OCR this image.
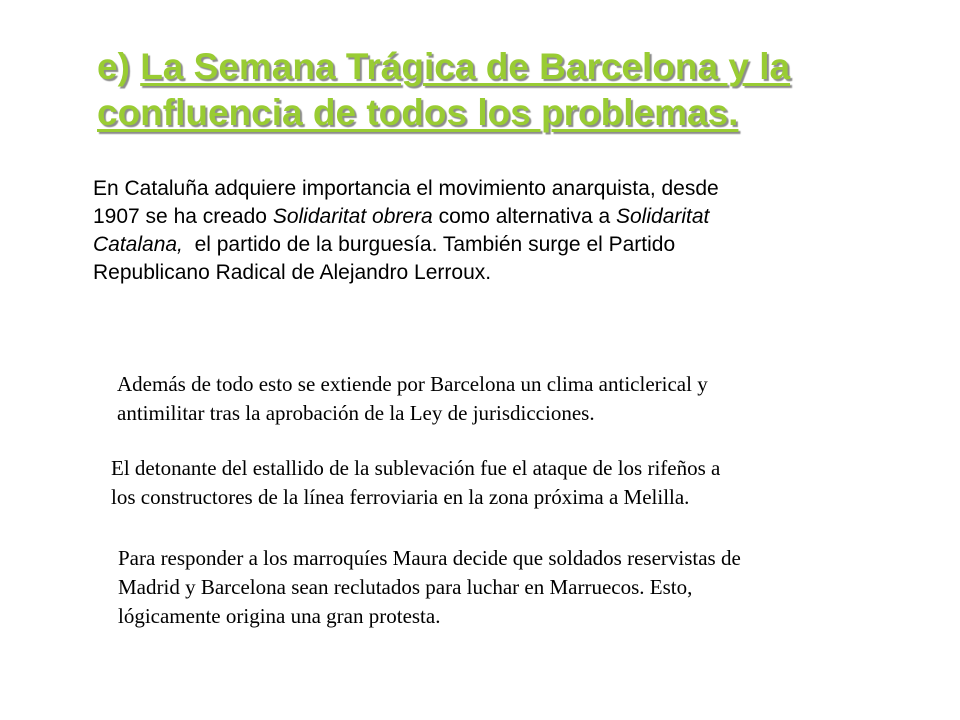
e) La Semana Trágica de Barcelona y la
confluencia de todos los problemas.

En Cataluña adquiere importancia el movimiento anarquista, desde
1907 se ha creado Solidaritat obrera como alternativa a Solidaritat
Catalana,  el partido de la burguesía. También surge el Partido
Republicano Radical de Alejandro Lerroux.

Además de todo esto se extiende por Barcelona un clima anticlerical y
antimilitar tras la aprobación de la Ley de jurisdicciones.

El detonante del estallido de la sublevación fue el ataque de los rifeños a
los constructores de la línea ferroviaria en la zona próxima a Melilla.

Para responder a los marroquíes Maura decide que soldados reservistas de
Madrid y Barcelona sean reclutados para luchar en Marruecos. Esto,
lógicamente origina una gran protesta.
